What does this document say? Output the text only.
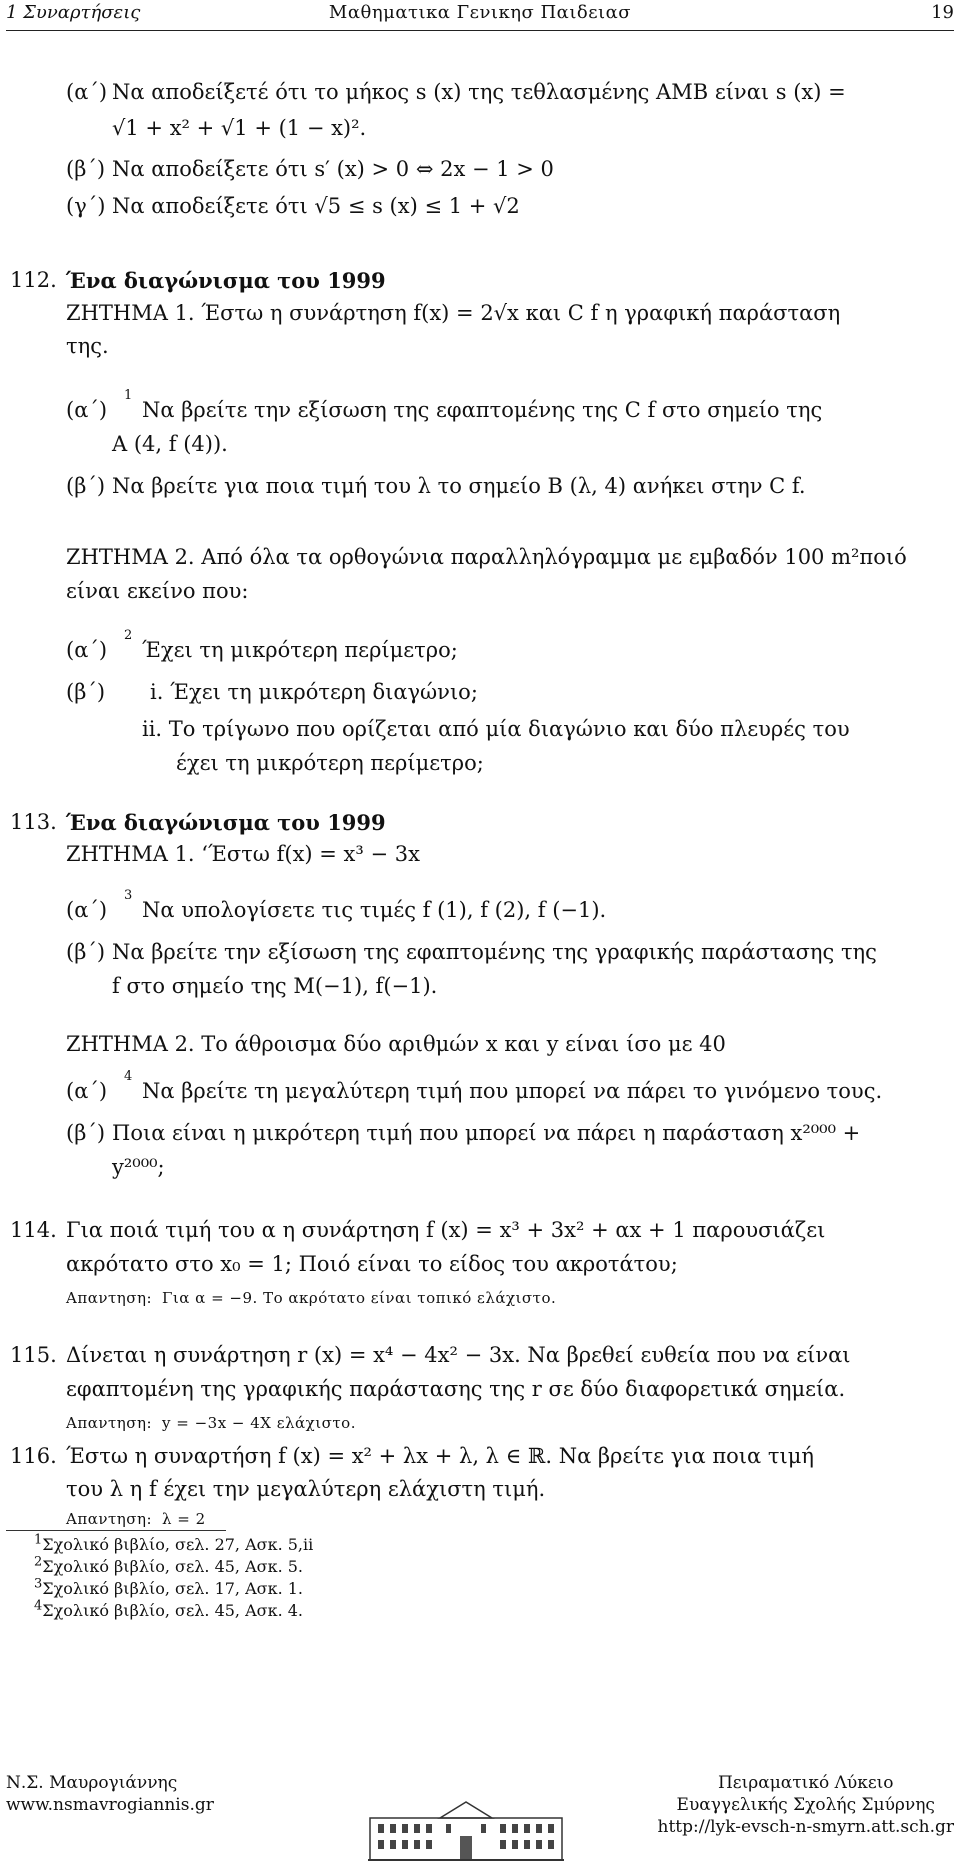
1 Συναρτήσεις	Μαθηματικα Γενικησ Παιδειασ	19
(α΄) Να αποδείξετέ ότι το μήκος s (x) της τεθλασμένης AMB είναι s (x) =
√1 + x² + √1 + (1 − x)².
(β΄) Να αποδείξετε ότι s′ (x) > 0 ⇔ 2x − 1 > 0
(γ΄) Να αποδείξετε ότι √5 ≤ s (x) ≤ 1 + √2
112. Ένα διαγώνισμα του 1999
ΖΗΤΗΜΑ 1. Έστω η συνάρτηση f(x) = 2√x και C f η γραφική παράσταση
της.
(α΄)
1
Να βρείτε την εξίσωση της εφαπτομένης της C f στο σημείο της
A (4, f (4)).
(β΄) Να βρείτε για ποια τιμή του λ το σημείο B (λ, 4) ανήκει στην C f.
ΖΗΤΗΜΑ 2. Από όλα τα ορθογώνια παραλληλόγραμμα με εμβαδόν 100 m²ποιό
είναι εκείνο που:
(α΄)
2
Έχει τη μικρότερη περίμετρο;
(β΄) i. Έχει τη μικρότερη διαγώνιο;
ii. Το τρίγωνο που ορίζεται από μία διαγώνιο και δύο πλευρές του
έχει τη μικρότερη περίμετρο;
113. Ένα διαγώνισμα του 1999
ΖΗΤΗΜΑ 1. ‘Έστω f(x) = x³ − 3x
(α΄)
3
Να υπολογίσετε τις τιμές f (1), f (2), f (−1).
(β΄) Να βρείτε την εξίσωση της εφαπτομένης της γραφικής παράστασης της
f στο σημείο της M(−1), f(−1).
ΖΗΤΗΜΑ 2. Το άθροισμα δύο αριθμών x και y είναι ίσο με 40
(α΄)
4
Να βρείτε τη μεγαλύτερη τιμή που μπορεί να πάρει το γινόμενο τους.
(β΄) Ποια είναι η μικρότερη τιμή που μπορεί να πάρει η παράσταση x²⁰⁰⁰ +
y²⁰⁰⁰;
114. Για ποιά τιμή του α η συνάρτηση f (x) = x³ + 3x² + αx + 1 παρουσιάζει
ακρότατο στο x₀ = 1; Ποιό είναι το είδος του ακροτάτου;
Απαντηση: Για α = −9. Το ακρότατο είναι τοπικό ελάχιστο.
115. Δίνεται η συνάρτηση r (x) = x⁴ − 4x² − 3x. Να βρεθεί ευθεία που να είναι
εφαπτομένη της γραφικής παράστασης της r σε δύο διαφορετικά σημεία.
Απαντηση: y = −3x − 4X ελάχιστο.
116. Έστω η συναρτήση f (x) = x² + λx + λ, λ ∈ ℝ. Να βρείτε για ποια τιμή
του λ η f έχει την μεγαλύτερη ελάχιστη τιμή.
Απαντηση: λ = 2
$^1$Σχολικό βιβλίο, σελ. 27, Ασκ. 5,ii
$^2$Σχολικό βιβλίο, σελ. 45, Ασκ. 5.
$^3$Σχολικό βιβλίο, σελ. 17, Ασκ. 1.
$^4$Σχολικό βιβλίο, σελ. 45, Ασκ. 4.
Ν.Σ. Μαυρογιάννης
www.nsmavrogiannis.gr
Πειραματικό Λύκειο
Ευαγγελικής Σχολής Σμύρνης
http://lyk-evsch-n-smyrn.att.sch.gr
